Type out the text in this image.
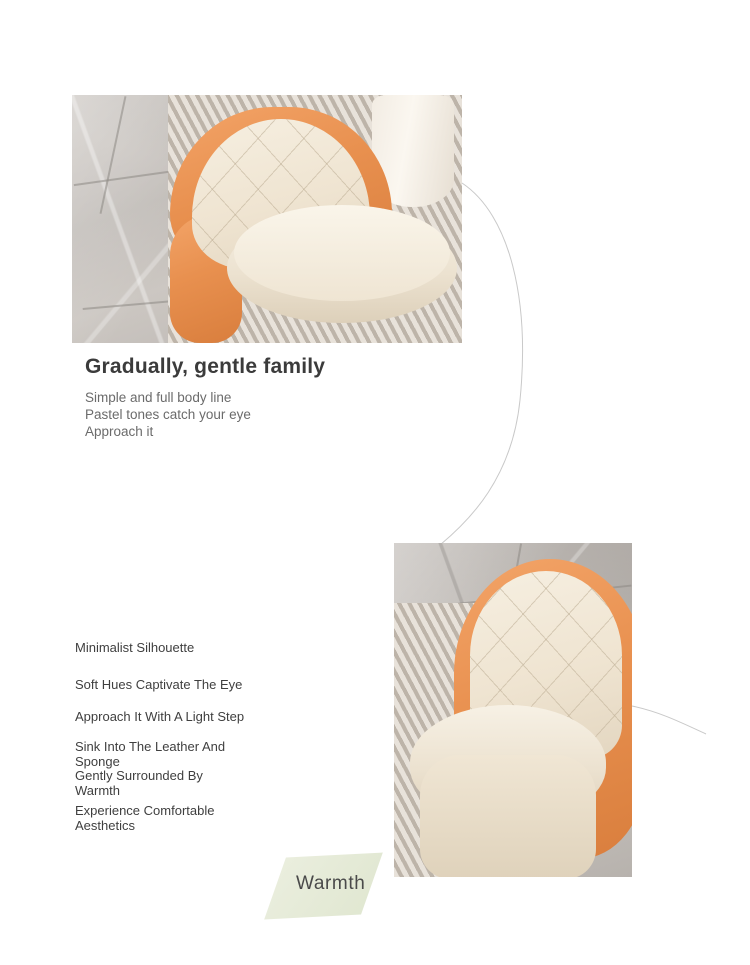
Gradually, gentle family
Simple and full body line
Pastel tones catch your eye
Approach it
Minimalist Silhouette
Soft Hues Captivate The Eye
Approach It With A Light Step
Sink Into The Leather And Sponge
Gently Surrounded By Warmth
Experience Comfortable Aesthetics
Warmth
